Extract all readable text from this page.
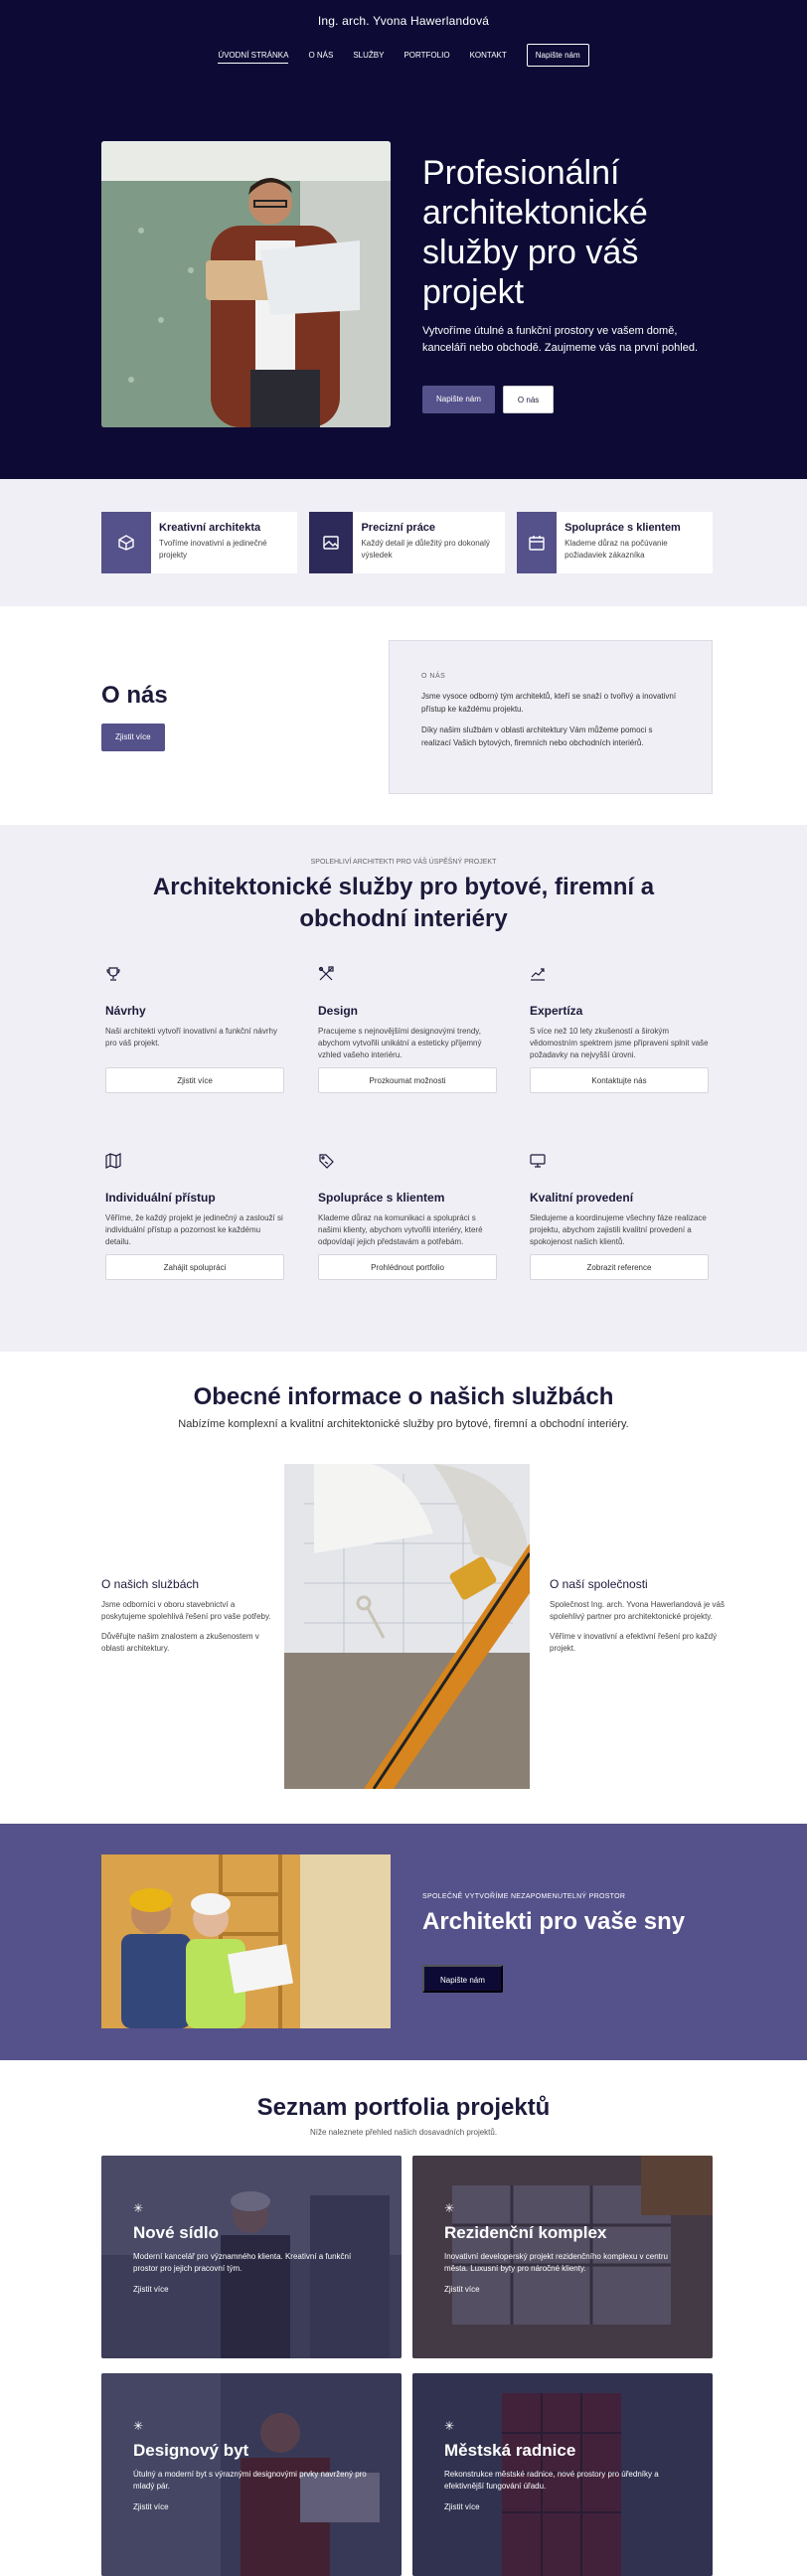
Ing. arch. Yvona Hawerlandová
ÚVODNÍ STRÁNKA	O NÁS	SLUŽBY	PORTFOLIO	KONTAKT	Napište nám
Profesionální architektonické služby pro váš projekt

Vytvoříme útulné a funkční prostory ve vašem domě, kanceláři nebo obchodě. Zaujmeme vás na první pohled.

Napište nám	O nás
Kreativní architekta
Tvoříme inovativní a jedinečné projekty
Precizní práce
Každý detail je důležitý pro dokonalý výsledek
Spolupráce s klientem
Klademe důraz na počúvanie požiadaviek zákazníka
O nás
Zjistit více
O NÁS

Jsme vysoce odborný tým architektů, kteří se snaží o tvořivý a inovativní přístup ke každému projektu.

Díky našim službám v oblasti architektury Vám můžeme pomoci s realizací Vašich bytových, firemních nebo obchodních interiérů.

SPOLEHLIVÍ ARCHITEKTI PRO VÁŠ ÚSPĚŠNÝ PROJEKT
Architektonické služby pro bytové, firemní a obchodní interiéry
Návrhy
Naši architekti vytvoří inovativní a funkční návrhy pro váš projekt.
Zjistit více
Design
Pracujeme s nejnovějšími designovými trendy, abychom vytvořili unikátní a esteticky příjemný vzhled vašeho interiéru.
Prozkoumat možnosti
Expertíza
S více než 10 lety zkušeností a širokým vědomostním spektrem jsme připraveni splnit vaše požadavky na nejvyšší úrovni.
Kontaktujte nás
Individuální přístup
Věříme, že každý projekt je jedinečný a zaslouží si individuální přístup a pozornost ke každému detailu.
Zahájit spolupráci
Spolupráce s klientem
Klademe důraz na komunikaci a spolupráci s našimi klienty, abychom vytvořili interiéry, které odpovídají jejich představám a potřebám.
Prohlédnout portfolio
Kvalitní provedení
Sledujeme a koordinujeme všechny fáze realizace projektu, abychom zajistili kvalitní provedení a spokojenost našich klientů.
Zobrazit reference
Obecné informace o našich službách

Nabízíme komplexní a kvalitní architektonické služby pro bytové, firemní a obchodní interiéry.

O našich službách

Jsme odborníci v oboru stavebnictví a poskytujeme spolehlivá řešení pro vaše potřeby.

Důvěřujte našim znalostem a zkušenostem v oblasti architektury.

O naší společnosti

Společnost Ing. arch. Yvona Hawerlandová je váš spolehlivý partner pro architektonické projekty.

Věříme v inovativní a efektivní řešení pro každý projekt.

SPOLEČNĚ VYTVOŘÍME NEZAPOMENUTELNÝ PROSTOR
Architekti pro vaše sny
Napište nám
Seznam portfolia projektů

Níže naleznete přehled našich dosavadních projektů.

✳
Nové sídlo
Moderní kancelář pro významného klienta. Kreativní a funkční prostor pro jejich pracovní tým.
Zjistit více
✳
Rezidenční komplex
Inovativní developerský projekt rezidenčního komplexu v centru města. Luxusní byty pro náročné klienty.
Zjistit více
✳
Designový byt
Útulný a moderní byt s výraznými designovými prvky navržený pro mladý pár.
Zjistit více
✳
Městská radnice
Rekonstrukce městské radnice, nové prostory pro úředníky a efektivnější fungování úřadu.
Zjistit více
